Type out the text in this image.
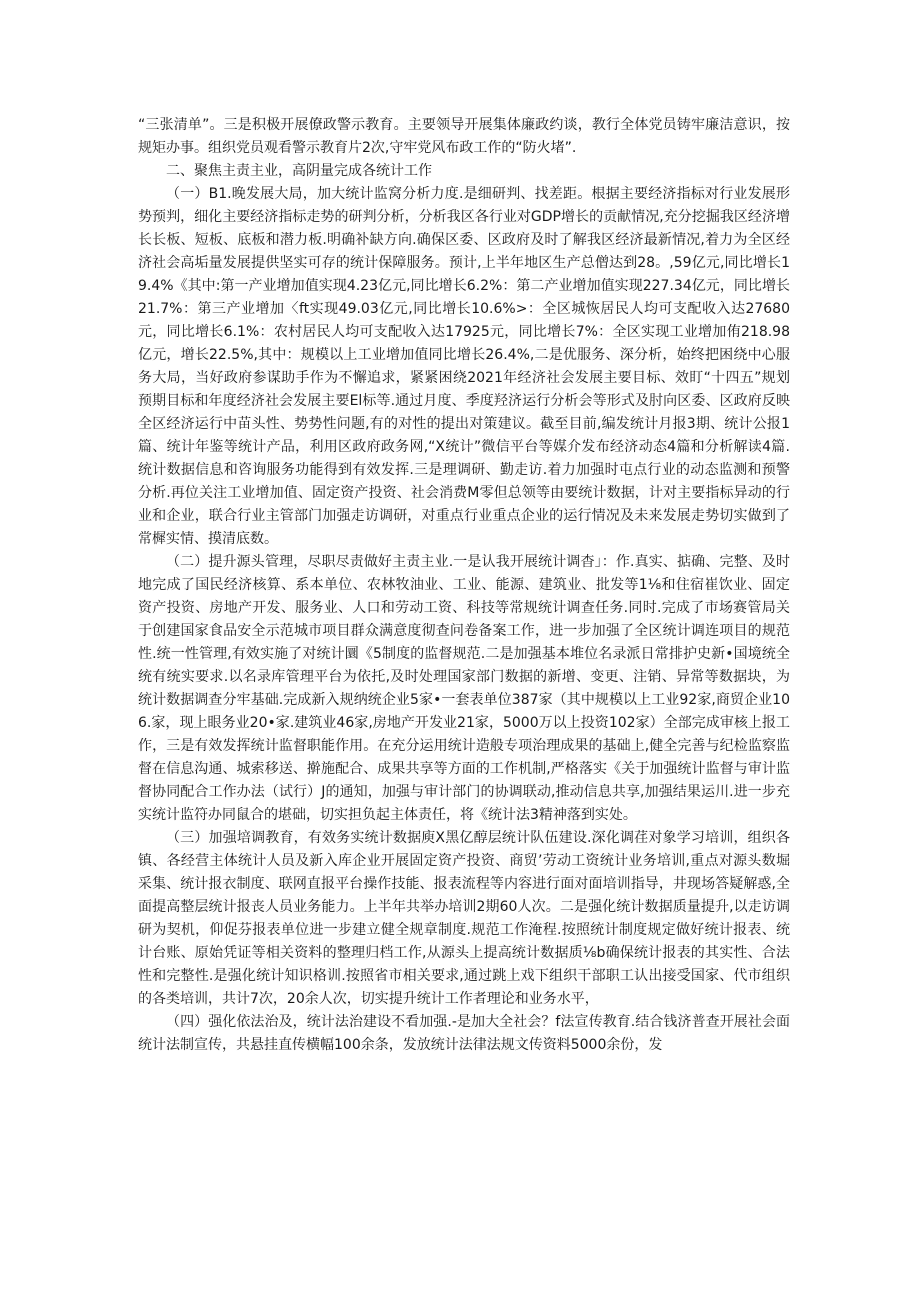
“三张清单”。三是积极开展僚政警示教育。主要领导开展集体廉政约谈，教行全体党员铸牢廉洁意识，按规矩办事。组织党员观看警示教育片2次,守牢党风布政工作的“防火堵”.

二、聚焦主责主业，高阴量完成各统计工作

（一）B1.晚发展大局，加大统计监窝分析力度.是细研判、找差距。根据主要经济指标对行业发展形势预判，细化主要经济指标走势的研判分析，分析我区各行业对GDP增长的贡献情况,充分挖掘我区经济增长长板、短板、底板和潜力板.明确补缺方向.确保区委、区政府及时了解我区经济最新情况,着力为全区经济社会高垢量发展提供坚实可存的统计保障服务。预计,上半年地区生产总僧达到28。,59亿元,同比增长19.4%《其中:第一产业增加值实现4.23亿元,同比增长6.2%：第二产业增加值实现227.34亿元，同比增长21.7%：第三产业增加〈ft实现49.03亿元,同比增长10.6%>：全区城恢居民人均可支配收入达27680元，同比增长6.1%：农村居民人均可支配收入达17925元，同比增长7%：全区实现工业增加侑218.98亿元，增长22.5%,其中：规模以上工业增加值同比增长26.4%,二是优服务、深分析，始终把困绕中心服务大局，当好政府参谋助手作为不懈追求，紧紧困绕2021年经济社会发展主要目标、效盯“十四五”规划预期目标和年度经济社会发展主要El标等.通过月度、季度羟济运行分析会等形式及肘向区委、区政府反映全区经济运行中苗头性、势势性问题,有的对性的提出对策建议。截至目前,编发统计月报3期、统计公报1篇、统计年鉴等统计产品，利用区政府政务网,“X统计”微信平台等媒介发布经济动态4篇和分析解读4篇.统计数据信息和咨询服务功能得到有效发挥.三是理调研、勤走访.着力加强时屯点行业的动态监测和预警分析.再位关注工业增加值、固定资产投资、社会消费M零但总领等由要统计数据，计对主要指标异动的行业和企业，联合行业主管部门加强走访调研，对重点行业重点企业的运行情况及未来发展走势切实做到了常樨实情、摸清底数。

（二）提升源头管理，尽职尽责做好主责主业.一是认我开展统计调杳」：作.真实、掂确、完整、及时地完成了国民经济核算、系本单位、农林牧油业、工业、能源、建筑业、批发等1⅛和住宿崔饮业、固定资产投资、房地产开发、服务业、人口和劳动工资、科技等常规统计调查任务.同时.完成了市场赛管局关于创建国家食品安全示范城市项目群众满意度彻查问卷备案工作，进一步加强了全区统计调连项目的规范性.统一性管理,有效实施了对统计圜《5制度的监督规范.二是加强基本堆位名录派日常排护史新•国境统全统有统实要求.以名录库管理平台为依托,及时处理国家部门数据的新增、变更、注销、异常等数据块，为统计数据调查分牢基础.完成新入规纳统企业5家•一套表单位387家（其中规模以上工业92家,商贸企业106.家，现上眼务业20•家.建筑业46家,房地产开发业21家，5000万以上投资102家）全部完成审核上报工作，三是有效发挥统计监督职能作用。在充分运用统计造般专项治理成果的基础上,健全完善与纪检监察监督在信息沟通、城索移送、擀施配合、成果共享等方面的工作机制,严格落实《关于加强统计监督与审计监督协同配合工作办法（试行）J的通知，加强与审计部门的协调联动,推动信息共享,加强结果运川.进一步充实统计监符办同鼠合的堪础，切实担负起主体责任，将《统计法3精神落到实处。

（三）加强培调教育，有效务实统计数据庾X黑亿醇层统计队伍建设.深化调荏对象学习培训，组织各镇、各经营主体统计人员及新入库企业开展固定资产投资、商贸’劳动工资统计业务培训,重点对源头数堀采集、统计报衣制度、联网直报平台操作技能、报表流程等内容进行面对面培训指导，井现场答疑解惑,全面提高整层统计报丧人员业务能力。上半年共举办培训2期60人次。二是强化统计数据质量提升,以走访调研为契机，仰促芬报表单位进一步建立健全规章制度.规范工作淹程.按照统计制度规定做好统计报表、统计台账、原始凭证等相关资料的整理归档工作,从源头上提高统计数据质⅛b确保统计报表的其实性、合法性和完整性.是强化统计知识格训.按照省市相关要求,通过跳上戏下组织干部职工认出接受国家、代市组织的各类培训，共计7次，20余人次，切实提升统计工作者理论和业务水平，

（四）强化依法治及，统计法治建设不看加强.-是加大全社会？f法宣传教育.结合钱济普查开展社会面统计法制宣传，共悬挂直传横幅100余条，发放统计法律法规文传资料5000余份，发
